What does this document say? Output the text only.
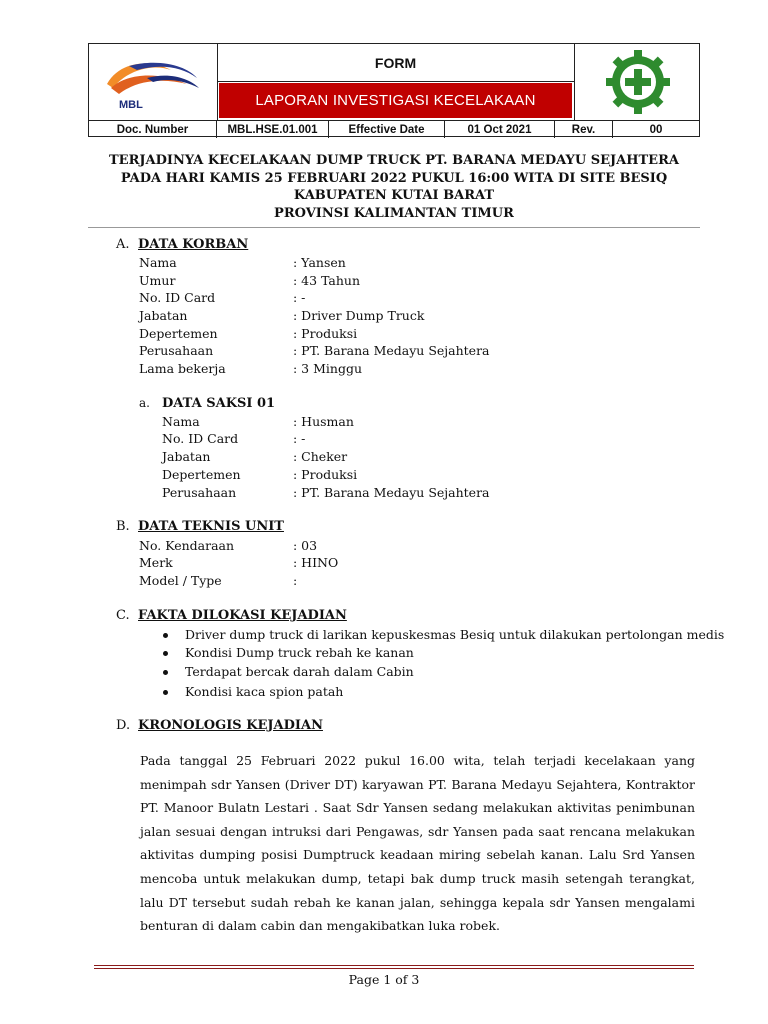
MBL
FORM
LAPORAN INVESTIGASI KECELAKAAN
Doc. Number	MBL.HSE.01.001	Effective Date	01 Oct 2021	Rev.	00
TERJADINYA KECELAKAAN DUMP TRUCK PT. BARANA MEDAYU SEJAHTERA
PADA HARI KAMIS 25 FEBRUARI 2022 PUKUL 16:00 WITA DI SITE BESIQ
KABUPATEN KUTAI BARAT
PROVINSI KALIMANTAN TIMUR
A. DATA KORBAN
Nama	: Yansen
Umur	: 43 Tahun
No. ID Card	: -
Jabatan	: Driver Dump Truck
Depertemen	: Produksi
Perusahaan	: PT. Barana Medayu Sejahtera
Lama bekerja	: 3 Minggu
a. DATA SAKSI 01
Nama	: Husman
No. ID Card	: -
Jabatan	: Cheker
Depertemen	: Produksi
Perusahaan	: PT. Barana Medayu Sejahtera
B. DATA TEKNIS UNIT
No. Kendaraan	: 03
Merk	: HINO
Model / Type	:
C. FAKTA DILOKASI KEJADIAN
Driver dump truck di larikan kepuskesmas Besiq untuk dilakukan pertolongan medis
Kondisi Dump truck rebah ke kanan
Terdapat bercak darah dalam Cabin
Kondisi kaca spion patah
D. KRONOLOGIS KEJADIAN
Pada tanggal 25 Februari 2022 pukul 16.00 wita, telah terjadi kecelakaan yang menimpah sdr Yansen (Driver DT) karyawan PT. Barana Medayu Sejahtera, Kontraktor PT. Manoor Bulatn Lestari . Saat Sdr Yansen sedang melakukan aktivitas penimbunan jalan sesuai dengan intruksi dari Pengawas, sdr Yansen pada saat rencana melakukan aktivitas dumping posisi Dumptruck keadaan miring sebelah kanan. Lalu Srd Yansen mencoba untuk melakukan dump, tetapi bak dump truck masih setengah terangkat, lalu DT tersebut sudah rebah ke kanan jalan, sehingga kepala sdr Yansen mengalami benturan di dalam cabin dan mengakibatkan luka robek.
Page 1 of 3
